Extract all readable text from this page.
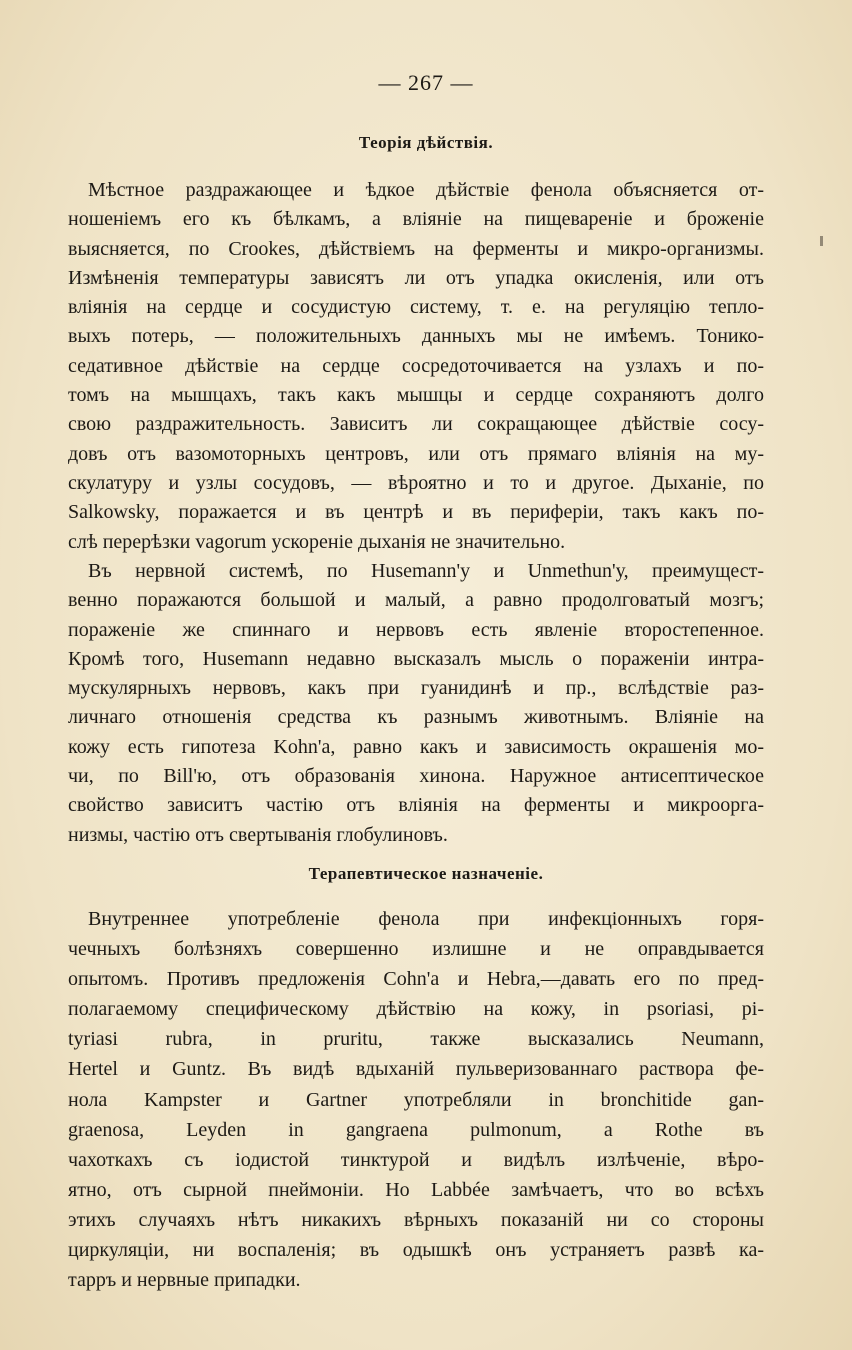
— 267 —
Теорія дѣйствія.
Мѣстное раздражающее и ѣдкое дѣйствіе фенола объясняется от-
ношеніемъ его къ бѣлкамъ, а вліяніе на пищевареніе и броженіе
выясняется, по Crookes, дѣйствіемъ на ферменты и микро-организмы.
Измѣненія температуры зависятъ ли отъ упадка окисленія, или отъ
вліянія на сердце и сосудистую систему, т. е. на регуляцію тепло-
выхъ потерь, — положительныхъ данныхъ мы не имѣемъ. Тонико-
седативное дѣйствіе на сердце сосредоточивается на узлахъ и по-
томъ на мышцахъ, такъ какъ мышцы и сердце сохраняютъ долго
свою раздражительность. Зависитъ ли сокращающее дѣйствіе сосу-
довъ отъ вазомоторныхъ центровъ, или отъ прямаго вліянія на му-
скулатуру и узлы сосудовъ, — вѣроятно и то и другое. Дыханіе, по
Salkowsky, поражается и въ центрѣ и въ периферіи, такъ какъ по-
слѣ перерѣзки vagorum ускореніе дыханія не значительно.
Въ нервной системѣ, по Husemann'у и Unmethun'у, преимущест-
венно поражаются большой и малый, а равно продолговатый мозгъ;
пораженіе же спиннаго и нервовъ есть явленіе второстепенное.
Кромѣ того, Husemann недавно высказалъ мысль о пораженіи интра-
мускулярныхъ нервовъ, какъ при гуанидинѣ и пр., вслѣдствіе раз-
личнаго отношенія средства къ разнымъ животнымъ. Вліяніе на
кожу есть гипотеза Kohn'а, равно какъ и зависимость окрашенія мо-
чи, по Bill'ю, отъ образованія хинона. Наружное антисептическое
свойство зависитъ частію отъ вліянія на ферменты и микроорга-
низмы, частію отъ свертыванія глобулиновъ.
Терапевтическое назначеніе.
Внутреннее употребленіе фенола при инфекціонныхъ горя-
чечныхъ болѣзняхъ совершенно излишне и не оправдывается
опытомъ. Противъ предложенія Cohn'а и Hebra,—давать его по пред-
полагаемому специфическому дѣйствію на кожу, in psoriasi, pi-
tyriasi rubra, in pruritu, также высказались Neumann,
Hertel и Guntz. Въ видѣ вдыханій пульверизованнаго раствора фе-
нола Kampster и Gartner употребляли in bronchitide gan-
graenosa, Leyden in gangraena pulmonum, а Rothe въ
чахоткахъ съ іодистой тинктурой и видѣлъ излѣченіе, вѣро-
ятно, отъ сырной пнеймоніи. Но Labbée замѣчаетъ, что во всѣхъ
этихъ случаяхъ нѣтъ никакихъ вѣрныхъ показаній ни со стороны
циркуляціи, ни воспаленія; въ одышкѣ онъ устраняетъ развѣ ка-
тарръ и нервные припадки.
